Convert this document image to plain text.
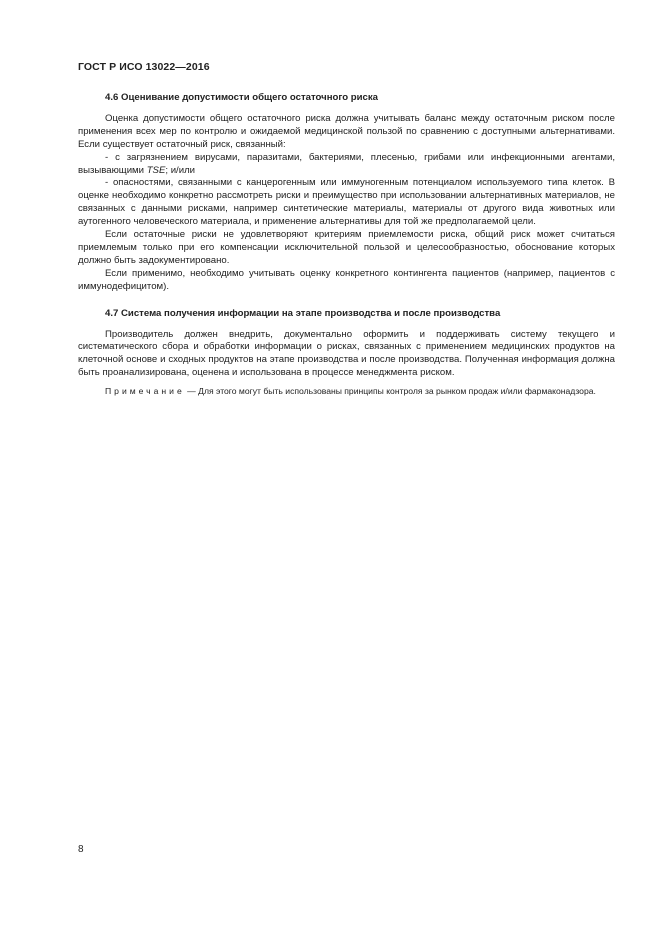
ГОСТ Р ИСО 13022—2016
4.6 Оценивание допустимости общего остаточного риска

Оценка допустимости общего остаточного риска должна учитывать баланс между остаточным риском после применения всех мер по контролю и ожидаемой медицинской пользой по сравнению с доступными альтернативами. Если существует остаточный риск, связанный:

- с загрязнением вирусами, паразитами, бактериями, плесенью, грибами или инфекционными агентами, вызывающими TSE; и/или

- опасностями, связанными с канцерогенным или иммуногенным потенциалом используемого типа клеток. В оценке необходимо конкретно рассмотреть риски и преимущество при использовании альтернативных материалов, не связанных с данными рисками, например синтетические материалы, материалы от другого вида животных или аутогенного человеческого материала, и применение альтернативы для той же предполагаемой цели.

Если остаточные риски не удовлетворяют критериям приемлемости риска, общий риск может считаться приемлемым только при его компенсации исключительной пользой и целесообразностью, обоснование которых должно быть задокументировано.

Если применимо, необходимо учитывать оценку конкретного контингента пациентов (например, пациентов с иммунодефицитом).

4.7 Система получения информации на этапе производства и после производства

Производитель должен внедрить, документально оформить и поддерживать систему текущего и систематического сбора и обработки информации о рисках, связанных с применением медицинских продуктов на клеточной основе и сходных продуктов на этапе производства и после производства. Полученная информация должна быть проанализирована, оценена и использована в процессе менеджмента риском.

Примечание — Для этого могут быть использованы принципы контроля за рынком продаж и/или фармаконадзора.

8
